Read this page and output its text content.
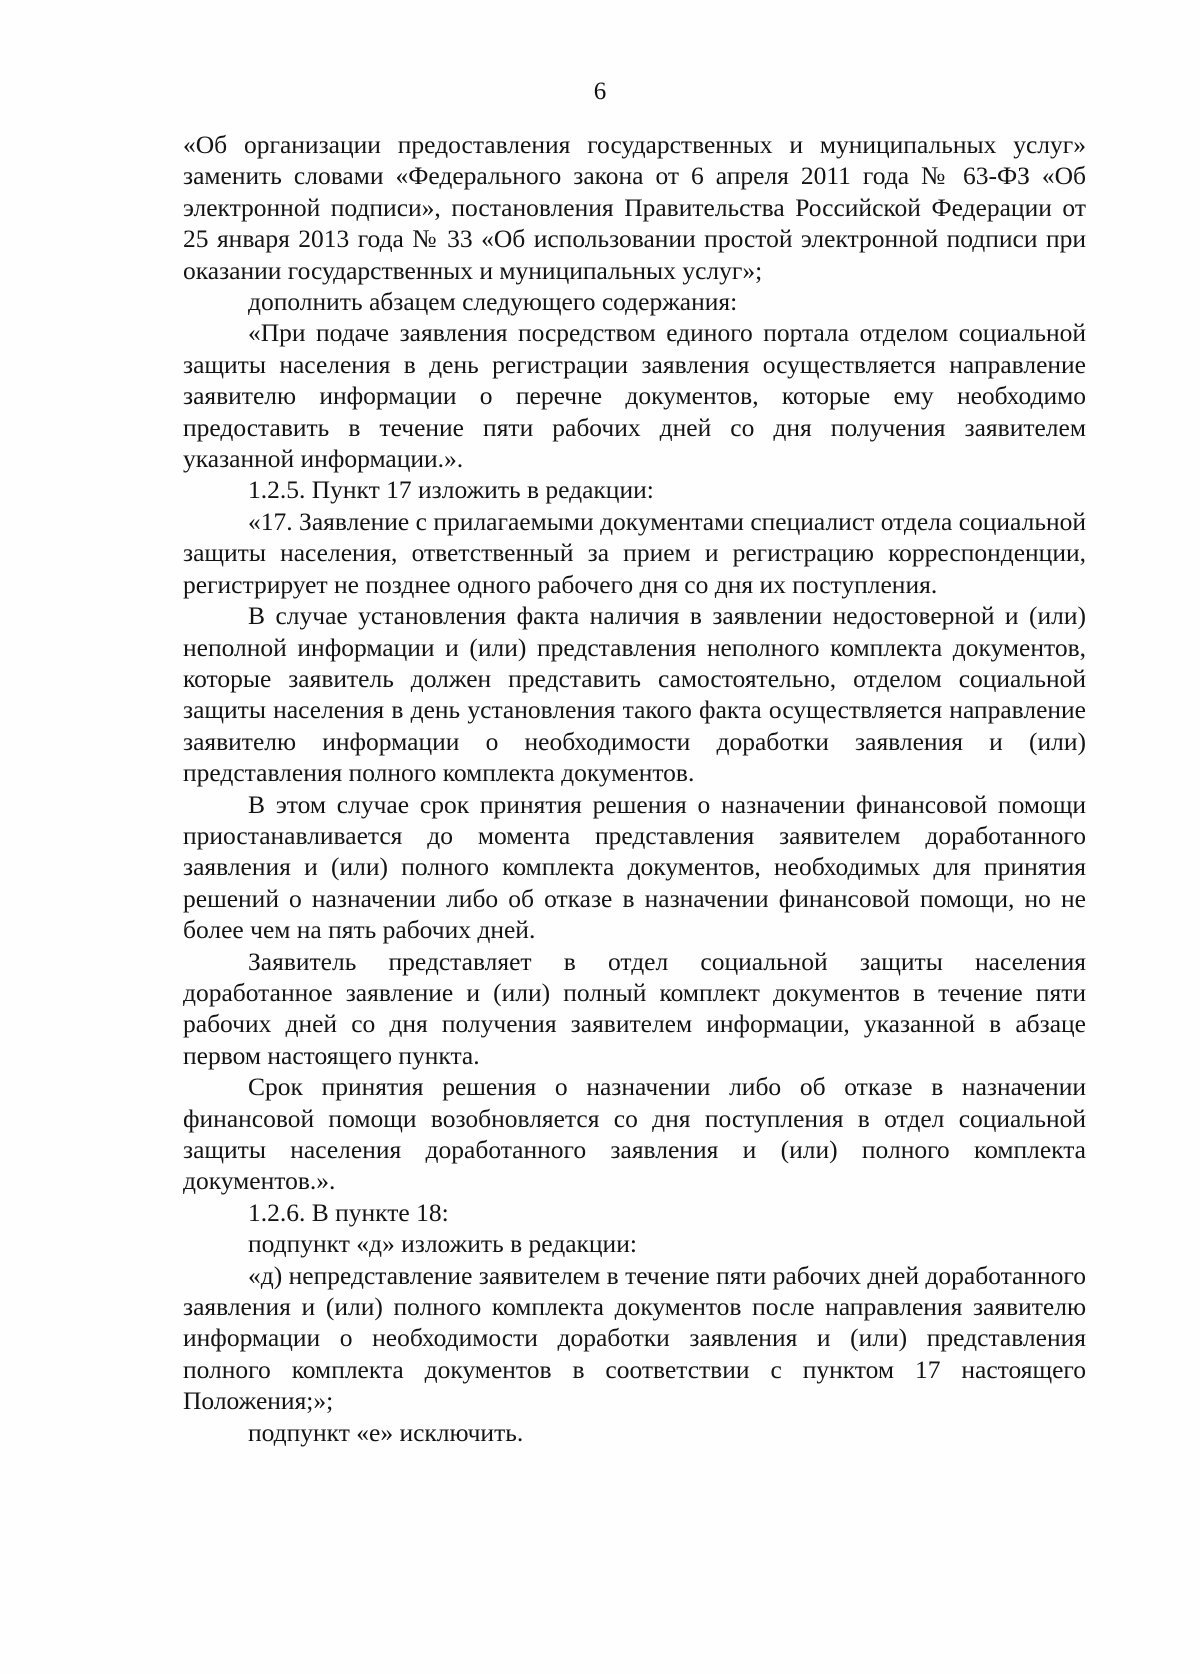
6

«Об организации предоставления государственных и муниципальных услуг» заменить словами «Федерального закона от 6 апреля 2011 года № 63-ФЗ «Об электронной подписи», постановления Правительства Российской Федерации от 25 января 2013 года № 33 «Об использовании простой электронной подписи при оказании государственных и муниципальных услуг»;

дополнить абзацем следующего содержания:

«При подаче заявления посредством единого портала отделом социальной защиты населения в день регистрации заявления осуществляется направление заявителю информации о перечне документов, которые ему необходимо предоставить в течение пяти рабочих дней со дня получения заявителем указанной информации.».

1.2.5. Пункт 17 изложить в редакции:

«17. Заявление с прилагаемыми документами специалист отдела социальной защиты населения, ответственный за прием и регистрацию корреспонденции, регистрирует не позднее одного рабочего дня со дня их поступления.

В случае установления факта наличия в заявлении недостоверной и (или) неполной информации и (или) представления неполного комплекта документов, которые заявитель должен представить самостоятельно, отделом социальной защиты населения в день установления такого факта осуществляется направление заявителю информации о необходимости доработки заявления и (или) представления полного комплекта документов.

В этом случае срок принятия решения о назначении финансовой помощи приостанавливается до момента представления заявителем доработанного заявления и (или) полного комплекта документов, необходимых для принятия решений о назначении либо об отказе в назначении финансовой помощи, но не более чем на пять рабочих дней.

Заявитель представляет в отдел социальной защиты населения доработанное заявление и (или) полный комплект документов в течение пяти рабочих дней со дня получения заявителем информации, указанной в абзаце первом настоящего пункта.

Срок принятия решения о назначении либо об отказе в назначении финансовой помощи возобновляется со дня поступления в отдел социальной защиты населения доработанного заявления и (или) полного комплекта документов.».

1.2.6. В пункте 18:

подпункт «д» изложить в редакции:

«д) непредставление заявителем в течение пяти рабочих дней доработанного заявления и (или) полного комплекта документов после направления заявителю информации о необходимости доработки заявления и (или) представления полного комплекта документов в соответствии с пунктом 17 настоящего Положения;»;

подпункт «е» исключить.
